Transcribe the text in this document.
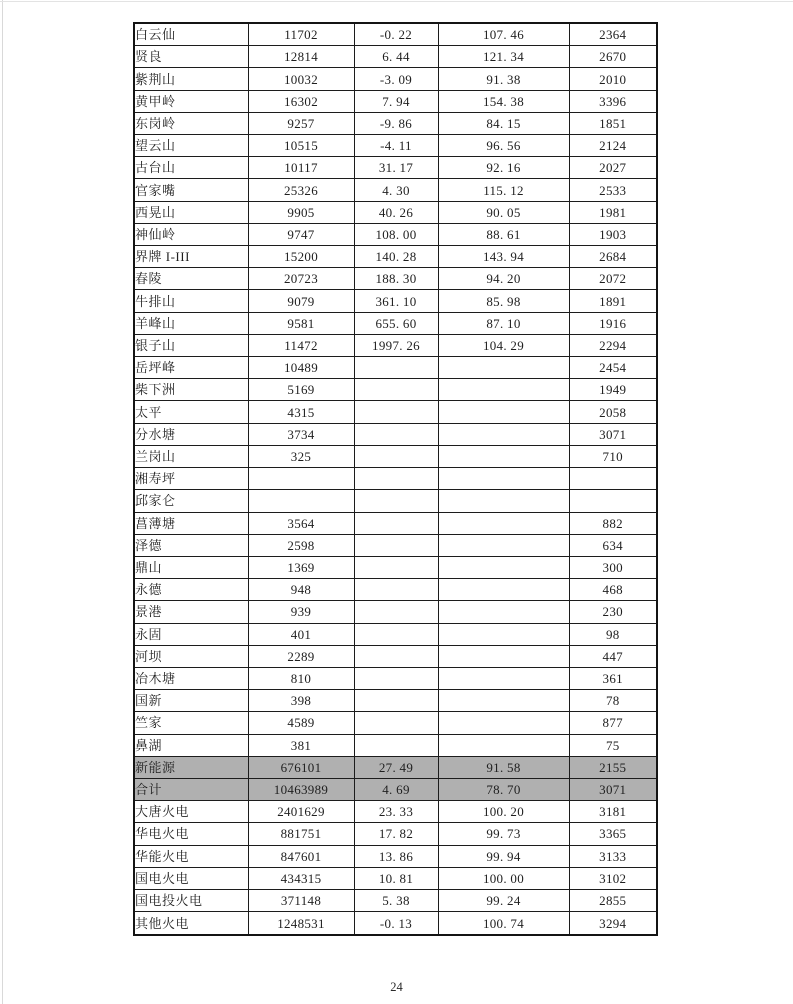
白云仙	11702	-0. 22	107. 46	2364
贤良	12814	6. 44	121. 34	2670
紫荆山	10032	-3. 09	91. 38	2010
黄甲岭	16302	7. 94	154. 38	3396
东岗岭	9257	-9. 86	84. 15	1851
望云山	10515	-4. 11	96. 56	2124
古台山	10117	31. 17	92. 16	2027
官家嘴	25326	4. 30	115. 12	2533
西晃山	9905	40. 26	90. 05	1981
神仙岭	9747	108. 00	88. 61	1903
界牌 I-III	15200	140. 28	143. 94	2684
春陵	20723	188. 30	94. 20	2072
牛排山	9079	361. 10	85. 98	1891
羊峰山	9581	655. 60	87. 10	1916
银子山	11472	1997. 26	104. 29	2294
岳坪峰	10489			2454
柴下洲	5169			1949
太平	4315			2058
分水塘	3734			3071
兰岗山	325			710
湘寿坪				
邱家仑				
菖薄塘	3564			882
泽德	2598			634
鼎山	1369			300
永德	948			468
景港	939			230
永固	401			98
河坝	2289			447
冶木塘	810			361
国新	398			78
竺家	4589			877
鼻湖	381			75
新能源	676101	27. 49	91. 58	2155
合计	10463989	4. 69	78. 70	3071
大唐火电	2401629	23. 33	100. 20	3181
华电火电	881751	17. 82	99. 73	3365
华能火电	847601	13. 86	99. 94	3133
国电火电	434315	10. 81	100. 00	3102
国电投火电	371148	5. 38	99. 24	2855
其他火电	1248531	-0. 13	100. 74	3294
24
